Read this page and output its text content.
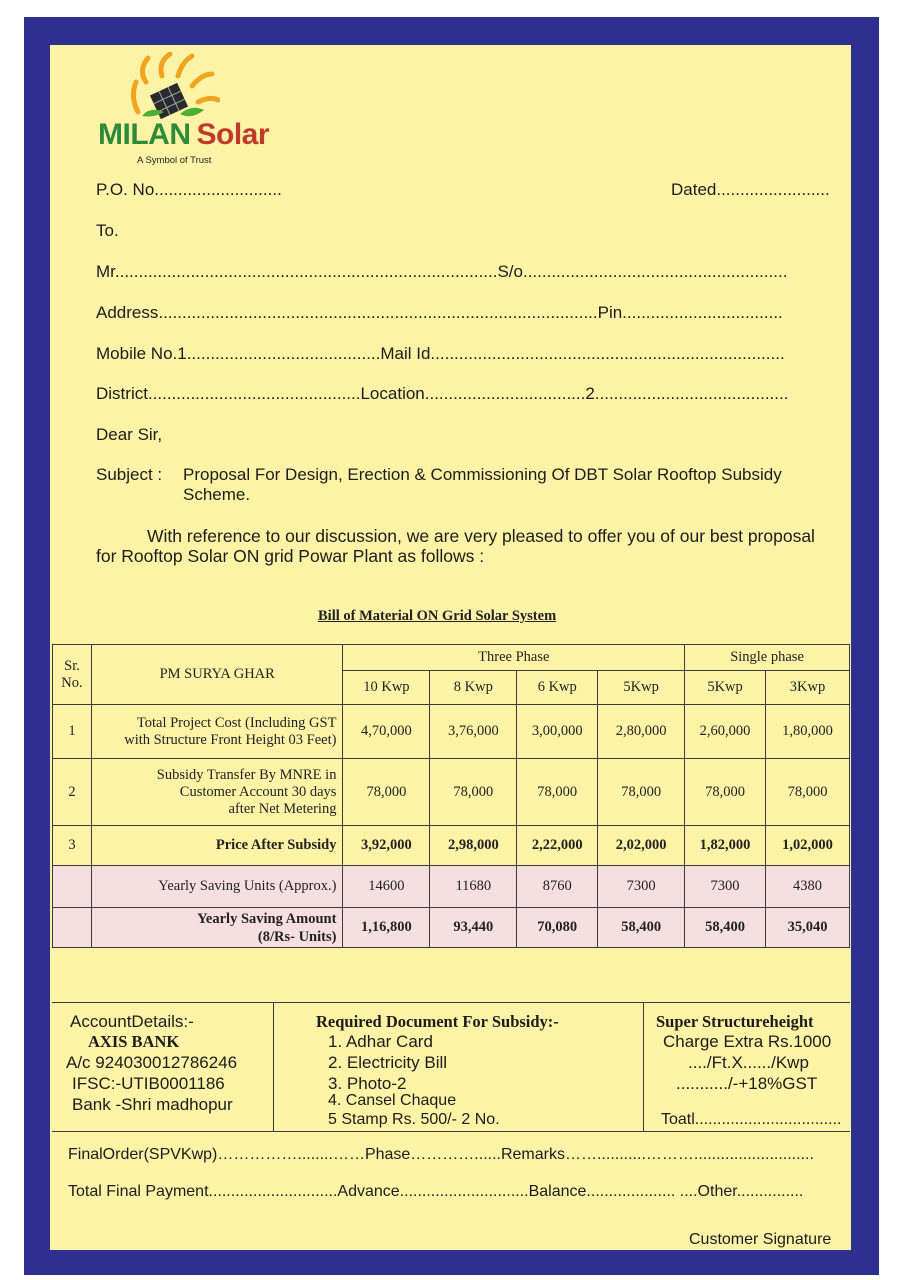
MILAN Solar
A Symbol of Trust
P.O. No...........................	Dated........................
To.
Mr.................................................................................S/o........................................................
Address.............................................................................................Pin..................................
Mobile No.1.........................................Mail Id...........................................................................
District.............................................Location..................................2.........................................
Dear Sir,
Subject : Proposal For Design, Erection & Commissioning Of DBT Solar Rooftop Subsidy
Scheme.
With reference to our discussion, we are very pleased to offer you of our best proposal
for Rooftop Solar ON grid Powar Plant as follows :
Bill of Material ON Grid Solar System
Sr.
No.	PM SURYA GHAR	Three Phase				Single phase	
		10 Kwp	8 Kwp	6 Kwp	5Kwp	5Kwp	3Kwp
1	Total Project Cost (Including GST
with Structure Front Height 03 Feet)	4,70,000	3,76,000	3,00,000	2,80,000	2,60,000	1,80,000
2	Subsidy Transfer By MNRE in
Customer Account 30 days
after Net Metering	78,000	78,000	78,000	78,000	78,000	78,000
3	Price After Subsidy	3,92,000	2,98,000	2,22,000	2,02,000	1,82,000	1,02,000
	Yearly Saving Units (Approx.)	14600	11680	8760	7300	7300	4380
	Yearly Saving Amount
(8/Rs- Units)	1,16,800	93,440	70,080	58,400	58,400	35,040
AccountDetails:-
AXIS BANK
A/c 924030012786246
IFSC:-UTIB0001186
Bank -Shri madhopur
Required Document For Subsidy:-
1. Adhar Card
2. Electricity Bill
3. Photo-2
4. Cansel Chaque
5 Stamp Rs. 500/- 2 No.
Super Structureheight
Charge Extra Rs.1000
..../Ft.X....../Kwp
.........../-+18%GST
Toatl.................................
FinalOrder(SPVKwp)……………........……Phase…………......Remarks……...........………...........................
Total Final Payment.............................Advance.............................Balance.................... ....Other...............
Customer Signature
